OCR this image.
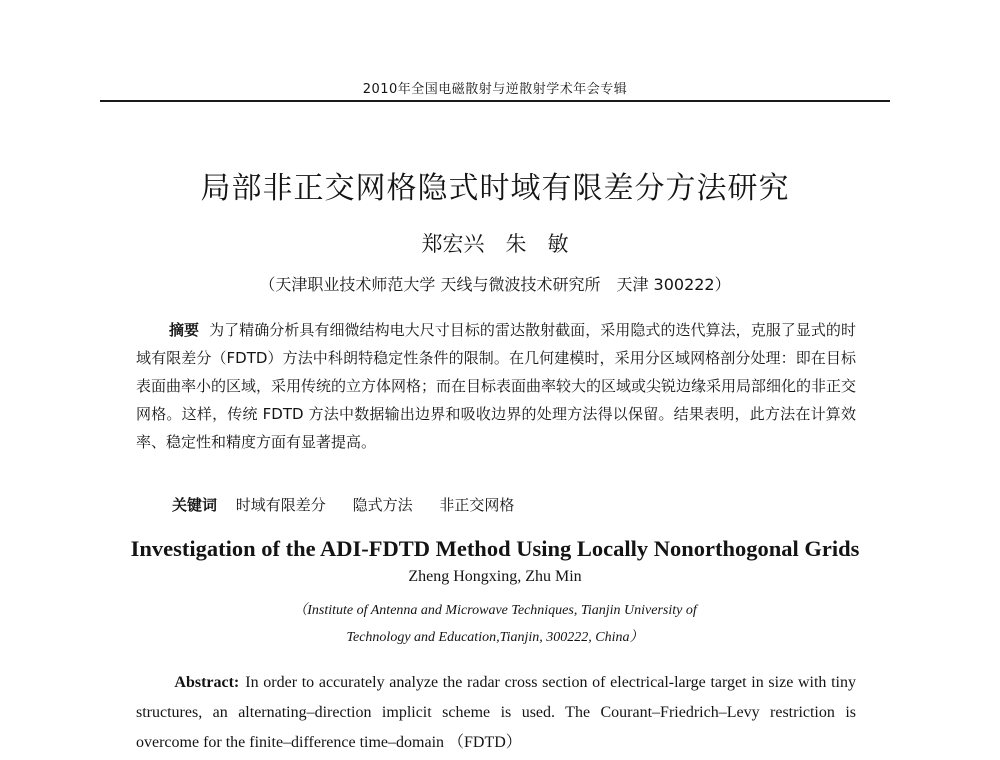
2010年全国电磁散射与逆散射学术年会专辑
局部非正交网格隐式时域有限差分方法研究
郑宏兴　朱　敏
（天津职业技术师范大学 天线与微波技术研究所　天津 300222）
摘要 为了精确分析具有细微结构电大尺寸目标的雷达散射截面，采用隐式的迭代算法，克服了显式的时域有限差分（FDTD）方法中科朗特稳定性条件的限制。在几何建模时，采用分区域网格剖分处理：即在目标表面曲率小的区域，采用传统的立方体网格；而在目标表面曲率较大的区域或尖锐边缘采用局部细化的非正交网格。这样，传统 FDTD 方法中数据输出边界和吸收边界的处理方法得以保留。结果表明，此方法在计算效率、稳定性和精度方面有显著提高。
关键词 时域有限差分 隐式方法 非正交网格
Investigation of the ADI-FDTD Method Using Locally Nonorthogonal Grids
Zheng Hongxing, Zhu Min
（Institute of Antenna and Microwave Techniques, Tianjin University of
Technology and Education,Tianjin, 300222, China）
Abstract: In order to accurately analyze the radar cross section of electrical-large target in size with tiny structures, an alternating–direction implicit scheme is used. The Courant–Friedrich–Levy restriction is overcome for the finite–difference time–domain （FDTD）
